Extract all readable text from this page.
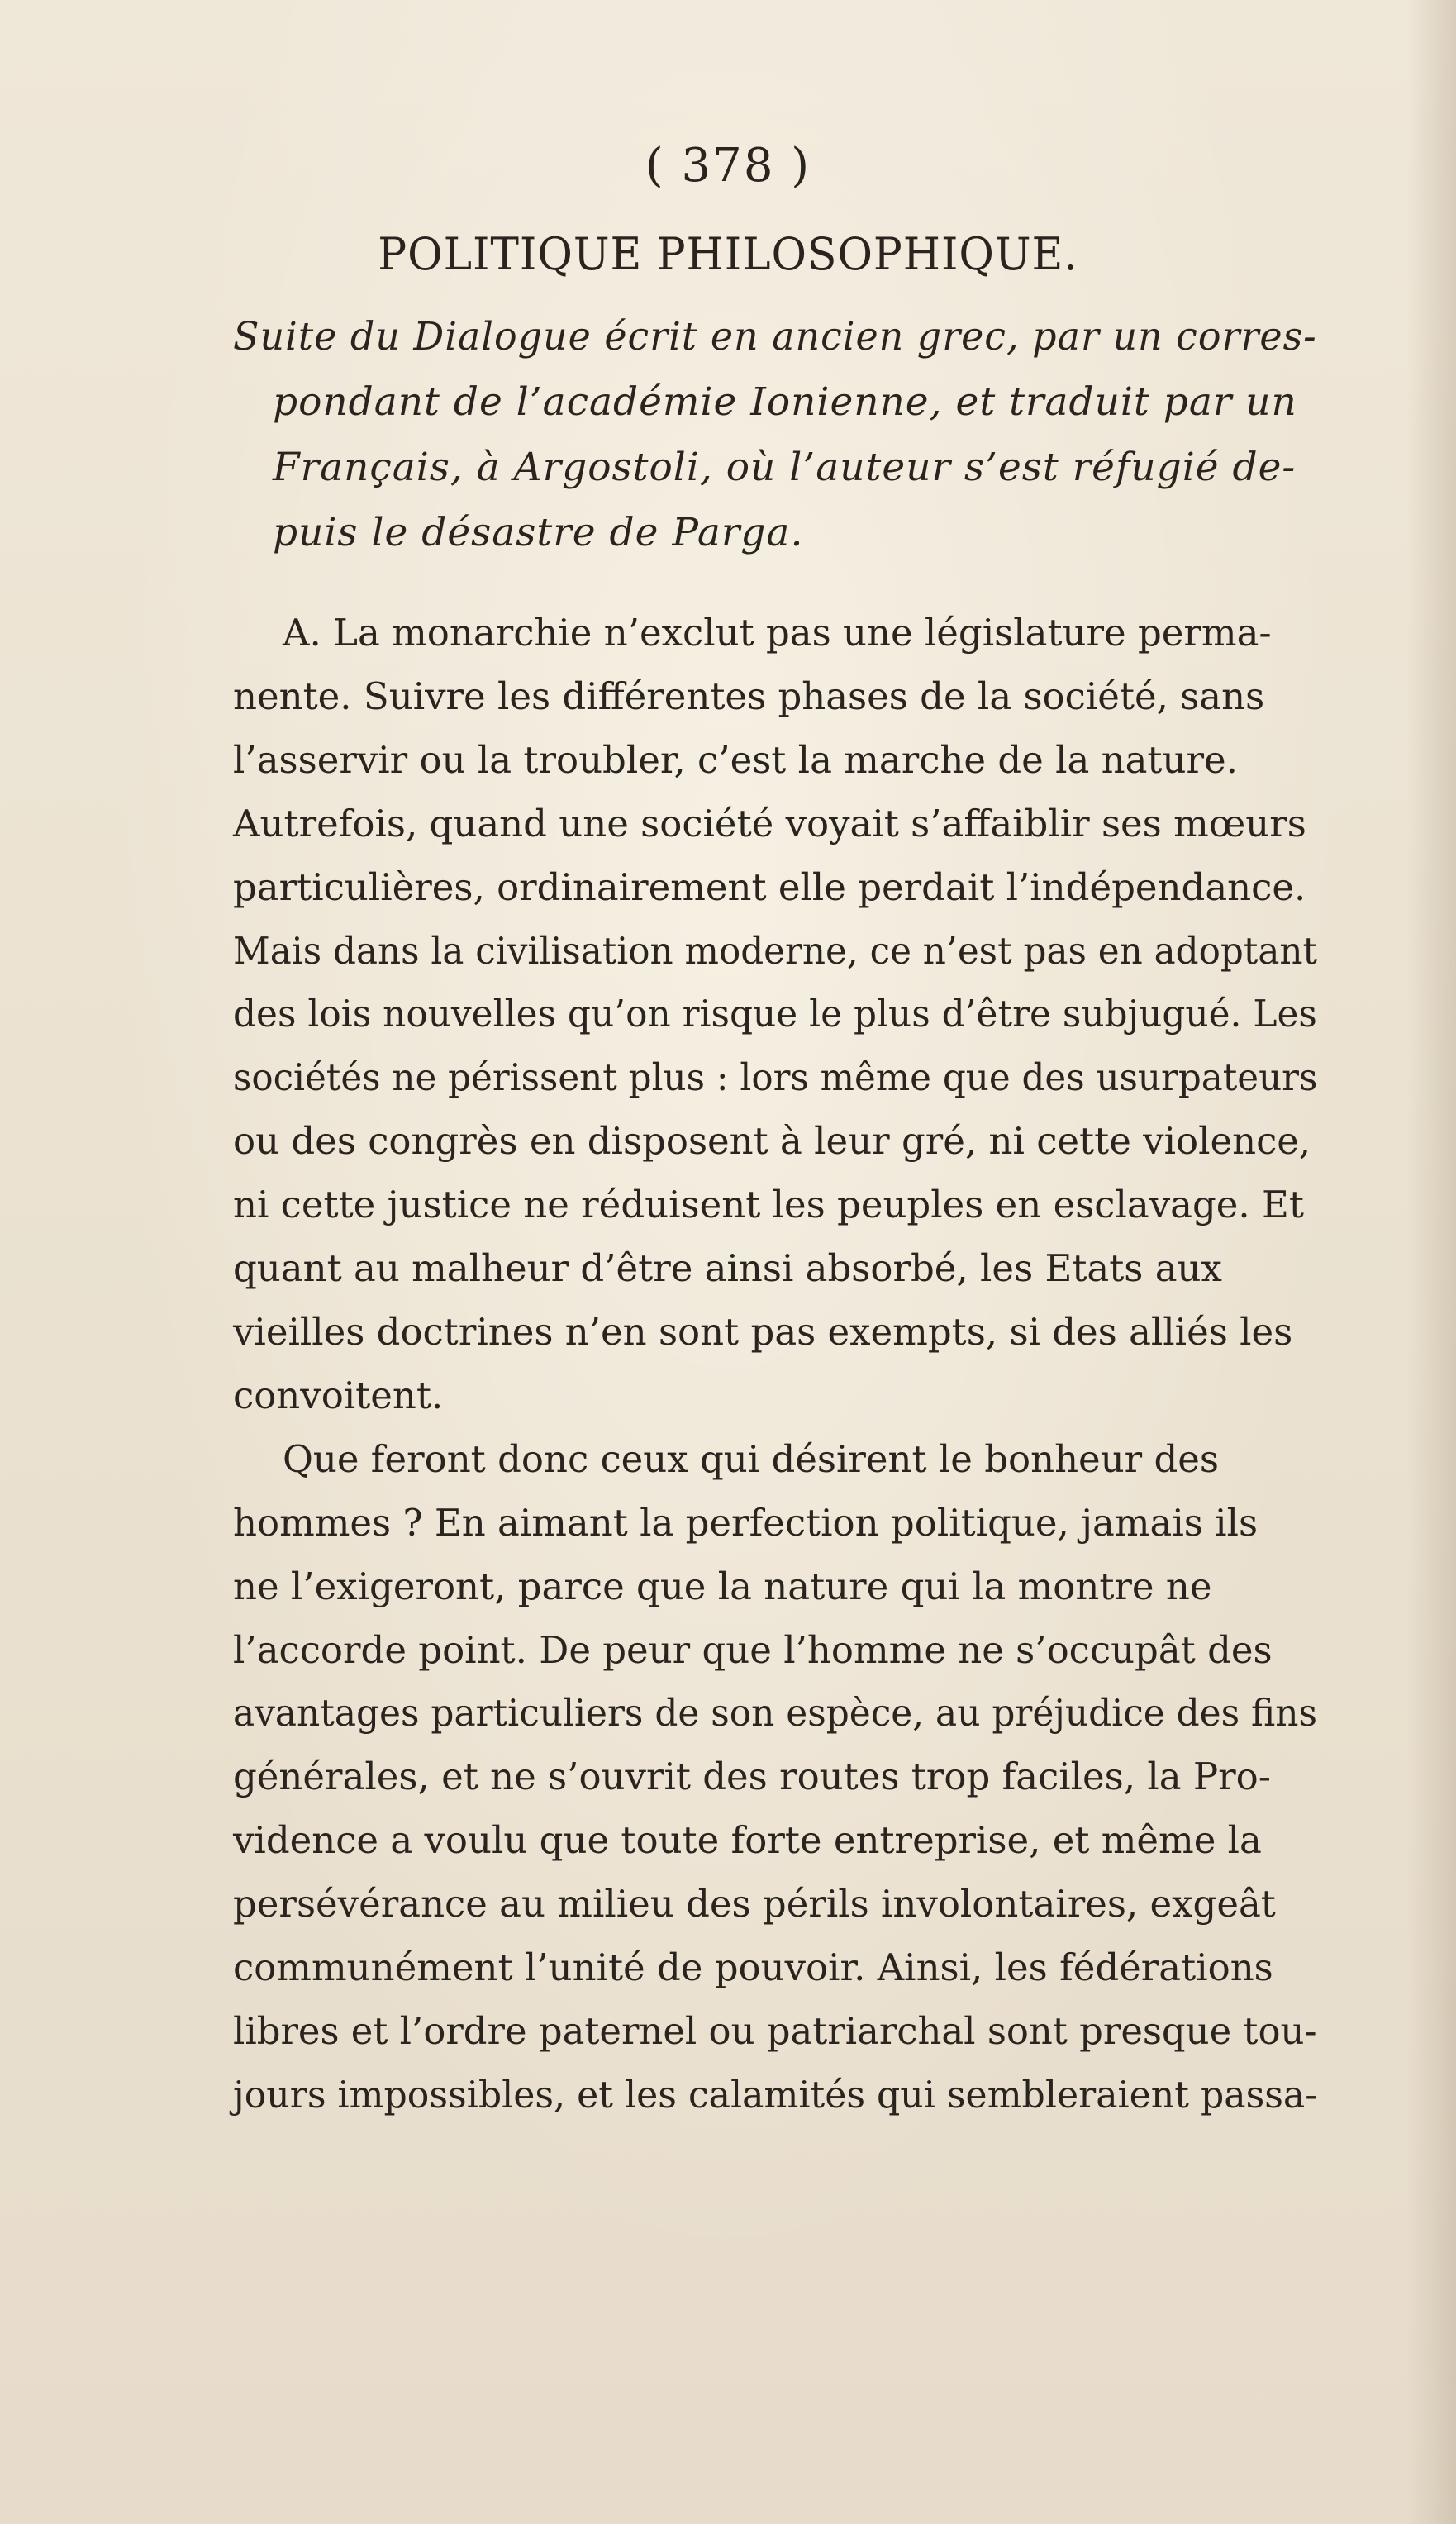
( 378 )

POLITIQUE PHILOSOPHIQUE.
Suite du Dialogue écrit en ancien grec, par un corres-
pondant de l’académie Ionienne, et traduit par un
Français, à Argostoli, où l’auteur s’est réfugié de-
puis le désastre de Parga.
A. La monarchie n’exclut pas une législature perma-
nente. Suivre les différentes phases de la société, sans
l’asservir ou la troubler, c’est la marche de la nature.
Autrefois, quand une société voyait s’affaiblir ses mœurs
particulières, ordinairement elle perdait l’indépendance.
Mais dans la civilisation moderne, ce n’est pas en adoptant
des lois nouvelles qu’on risque le plus d’être subjugué. Les
sociétés ne périssent plus : lors même que des usurpateurs
ou des congrès en disposent à leur gré, ni cette violence,
ni cette justice ne réduisent les peuples en esclavage. Et
quant au malheur d’être ainsi absorbé, les Etats aux
vieilles doctrines n’en sont pas exempts, si des alliés les
convoitent.
Que feront donc ceux qui désirent le bonheur des
hommes ? En aimant la perfection politique, jamais ils
ne l’exigeront, parce que la nature qui la montre ne
l’accorde point. De peur que l’homme ne s’occupât des
avantages particuliers de son espèce, au préjudice des fins
générales, et ne s’ouvrit des routes trop faciles, la Pro-
vidence a voulu que toute forte entreprise, et même la
persévérance au milieu des périls involontaires, exgeât
communément l’unité de pouvoir. Ainsi, les fédérations
libres et l’ordre paternel ou patriarchal sont presque tou-
jours impossibles, et les calamités qui sembleraient passa-
